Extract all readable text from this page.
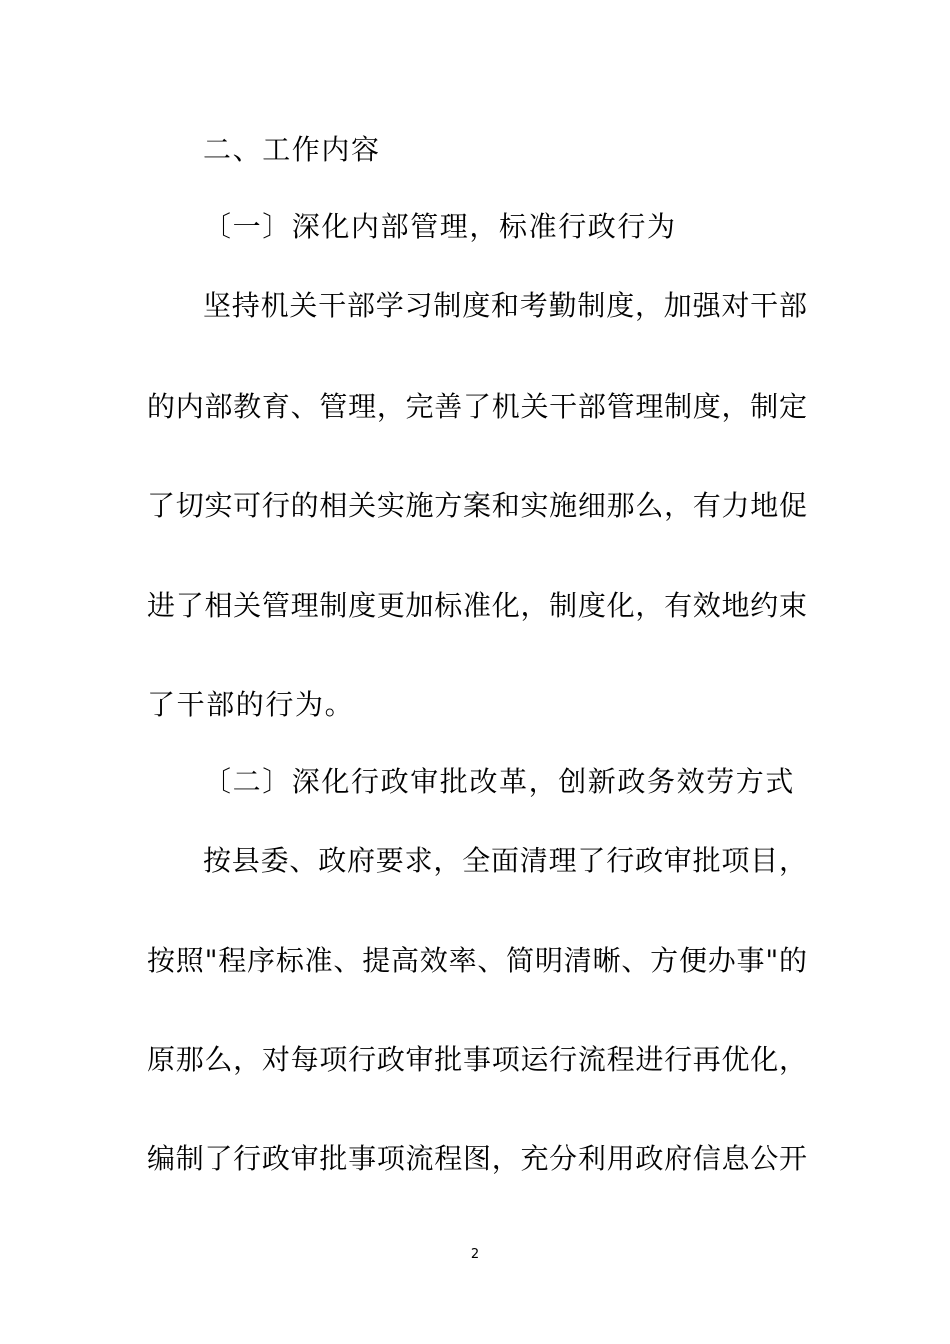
二、工作内容
〔一〕深化内部管理，标准行政行为
坚持机关干部学习制度和考勤制度，加强对干部
的内部教育、管理，完善了机关干部管理制度，制定
了切实可行的相关实施方案和实施细那么，有力地促
进了相关管理制度更加标准化，制度化，有效地约束
了干部的行为。
〔二〕深化行政审批改革，创新政务效劳方式
按县委、政府要求，全面清理了行政审批项目，
按照"程序标准、提高效率、简明清晰、方便办事"的
原那么，对每项行政审批事项运行流程进行再优化，
编制了行政审批事项流程图，充分利用政府信息公开
2
